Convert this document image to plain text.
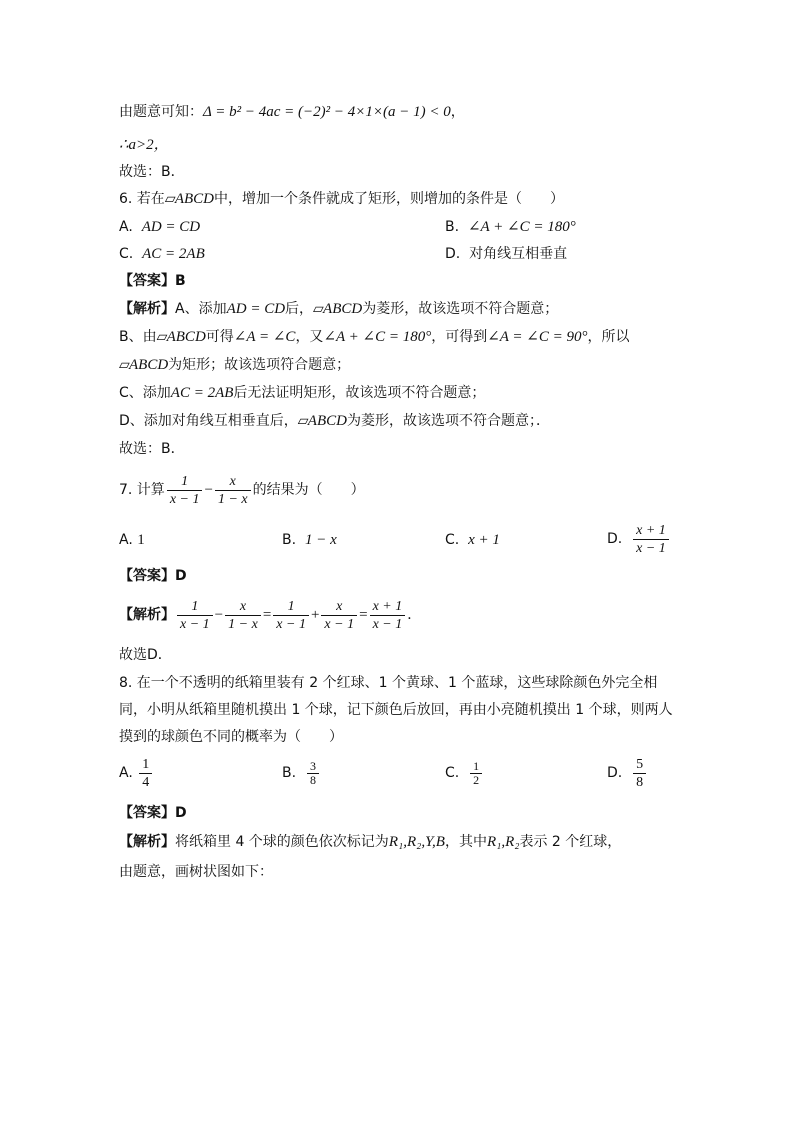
由题意可知：Δ = b² − 4ac = (−2)² − 4×1×(a − 1) < 0，
∴a>2，
故选：B．
6. 若在⏥ABCD中，增加一个条件就成了矩形，则增加的条件是（　　）
A. AD = CD	B. ∠A + ∠C = 180°
C. AC = 2AB	D. 对角线互相垂直
【答案】B
【解析】A、添加AD = CD后，⏥ABCD为菱形，故该选项不符合题意；
B、由⏥ABCD可得∠A = ∠C，又∠A + ∠C = 180°，可得到∠A = ∠C = 90°，所以
⏥ABCD为矩形；故该选项符合题意；
C、添加AC = 2AB后无法证明矩形，故该选项不符合题意；
D、添加对角线互相垂直后，⏥ABCD为菱形，故该选项不符合题意；．
故选：B．
7. 计算 $\frac{1}{x - 1} - \frac{x}{1 - x}$ 的结果为（　　）
A. 1	B. 1 − x	C. x + 1	D. $\frac{x + 1}{x - 1}$
【答案】D
【解析】 $\frac{1}{x - 1} - \frac{x}{1 - x} = \frac{1}{x - 1} + \frac{x}{x - 1} = \frac{x + 1}{x - 1}$ ．
故选D．
8. 在一个不透明的纸箱里装有 2 个红球、1 个黄球、1 个蓝球，这些球除颜色外完全相
同，小明从纸箱里随机摸出 1 个球，记下颜色后放回，再由小亮随机摸出 1 个球，则两人
摸到的球颜色不同的概率为（　　）
A. $\frac{1}{4}$	B. $\frac{3}{8}$	C. $\frac{1}{2}$	D. $\frac{5}{8}$
【答案】D
【解析】将纸箱里 4 个球的颜色依次标记为R₁,R₂,Y,B，其中R₁,R₂表示 2 个红球，
由题意，画树状图如下：
